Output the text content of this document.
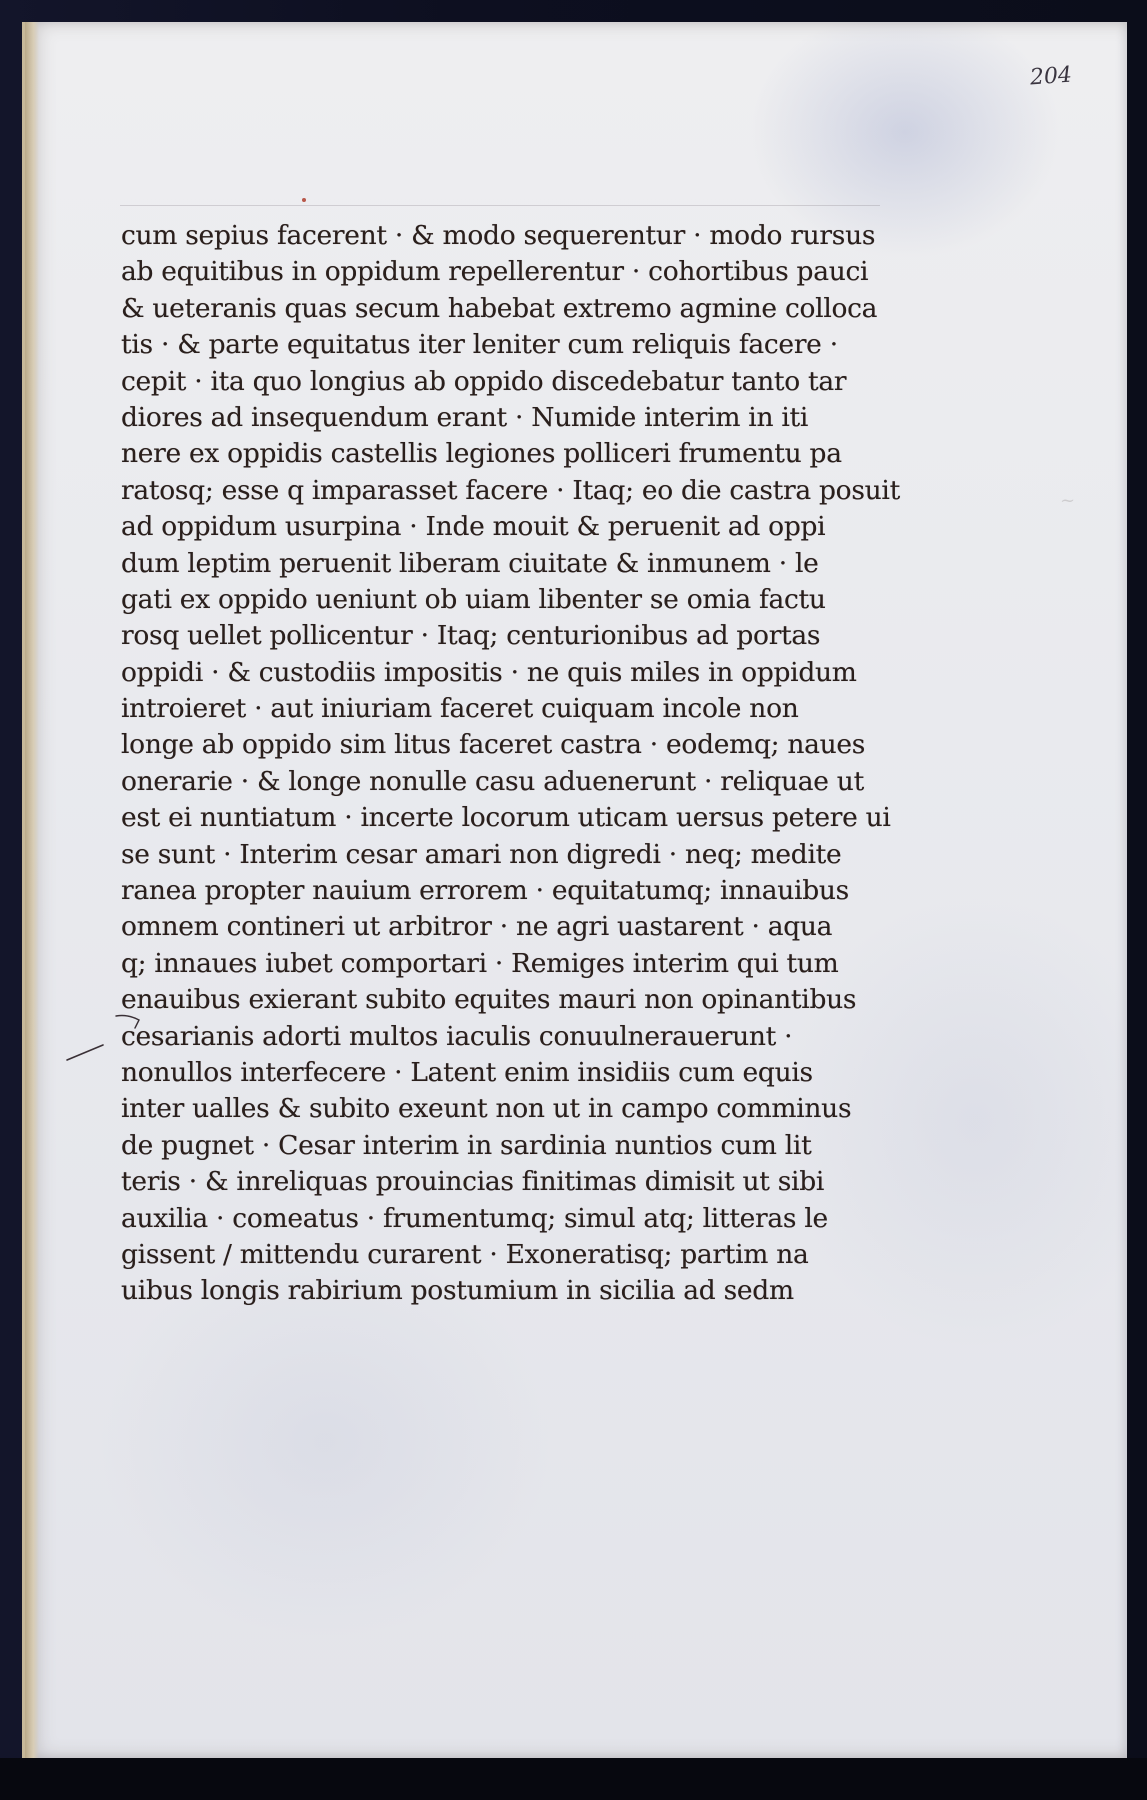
204
~
cum sepius facerent · & modo sequerentur · modo rursus
ab equitibus in oppidum repellerentur · cohortibus pauci
& ueteranis quas secum habebat extremo agmine colloca
tis · & parte equitatus iter leniter cum reliquis facere ·
cepit · ita quo longius ab oppido discedebatur tanto tar
diores ad insequendum erant · Numide interim in iti
nere ex oppidis castellis legiones polliceri frumentu pa
ratosq; esse q imparasset facere · Itaq; eo die castra posuit
ad oppidum usurpina · Inde mouit & peruenit ad oppi
dum leptim peruenit liberam ciuitate & inmunem · le
gati ex oppido ueniunt ob uiam libenter se omia factu
rosq uellet pollicentur · Itaq; centurionibus ad portas
oppidi · & custodiis impositis · ne quis miles in oppidum
introieret · aut iniuriam faceret cuiquam incole non
longe ab oppido sim litus faceret castra · eodemq; naues
onerarie · & longe nonulle casu aduenerunt · reliquae ut
est ei nuntiatum · incerte locorum uticam uersus petere ui
se sunt · Interim cesar amari non digredi · neq; medite
ranea propter nauium errorem · equitatumq; innauibus
omnem contineri ut arbitror · ne agri uastarent · aqua
q; innaues iubet comportari · Remiges interim qui tum
enauibus exierant subito equites mauri non opinantibus
cesarianis adorti multos iaculis conuulnerauerunt ·
nonullos interfecere · Latent enim insidiis cum equis
inter ualles & subito exeunt non ut in campo comminus
de pugnet · Cesar interim in sardinia nuntios cum lit
teris · & inreliquas prouincias finitimas dimisit ut sibi
auxilia · comeatus · frumentumq; simul atq; litteras le
gissent / mittendu curarent · Exoneratisq; partim na
uibus longis rabirium postumium in sicilia ad sedm
